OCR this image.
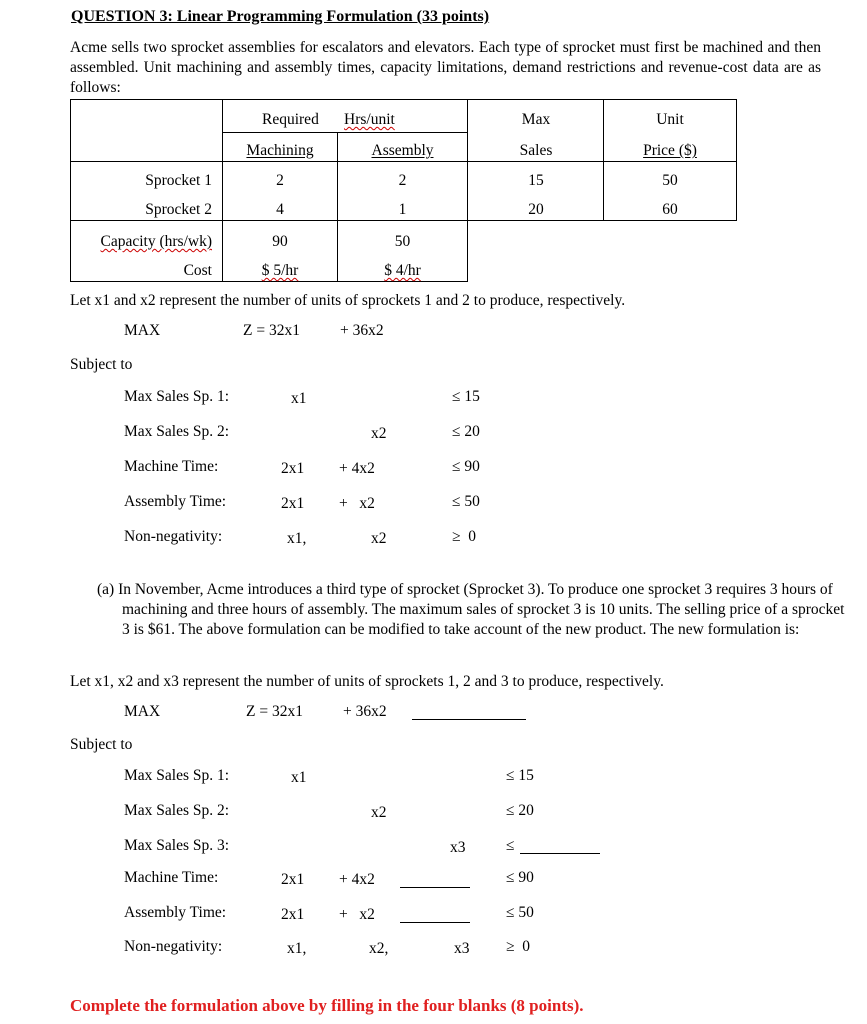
QUESTION 3: Linear Programming Formulation (33 points)
Acme sells two sprocket assemblies for escalators and elevators. Each type of sprocket must first be machined and then assembled. Unit machining and assembly times, capacity limitations, demand restrictions and revenue-cost data are as follows:
Required Hrs/unit	Max	Unit
Machining	Assembly	Sales	Price ($)
Sprocket 1	2	2	15	50
Sprocket 2	4	1	20	60
Capacity (hrs/wk)	90	50
Cost	$ 5/hr	$ 4/hr
Let x1 and x2 represent the number of units of sprockets 1 and 2 to produce, respectively.
MAX	Z = 32x1	+ 36x2
Subject to
Max Sales Sp. 1:	x1	≤ 15
Max Sales Sp. 2:	x2	≤ 20
Machine Time:	2x1 + 4x2	≤ 90
Assembly Time:	2x1 +   x2	≤ 50
Non-negativity:	x1,	x2	≥  0
(a) In November, Acme introduces a third type of sprocket (Sprocket 3). To produce one sprocket 3 requires 3 hours of machining and three hours of assembly. The maximum sales of sprocket 3 is 10 units. The selling price of a sprocket 3 is $61. The above formulation can be modified to take account of the new product. The new formulation is:
Let x1, x2 and x3 represent the number of units of sprockets 1, 2 and 3 to produce, respectively.
MAX	Z = 32x1	+ 36x2
Subject to
Max Sales Sp. 1:	x1	≤ 15
Max Sales Sp. 2:	x2	≤ 20
Max Sales Sp. 3:	x3	≤
Machine Time:	2x1 + 4x2	≤ 90
Assembly Time:	2x1 +   x2	≤ 50
Non-negativity:	x1,	x2,	x3 ≥  0
Complete the formulation above by filling in the four blanks (8 points).
